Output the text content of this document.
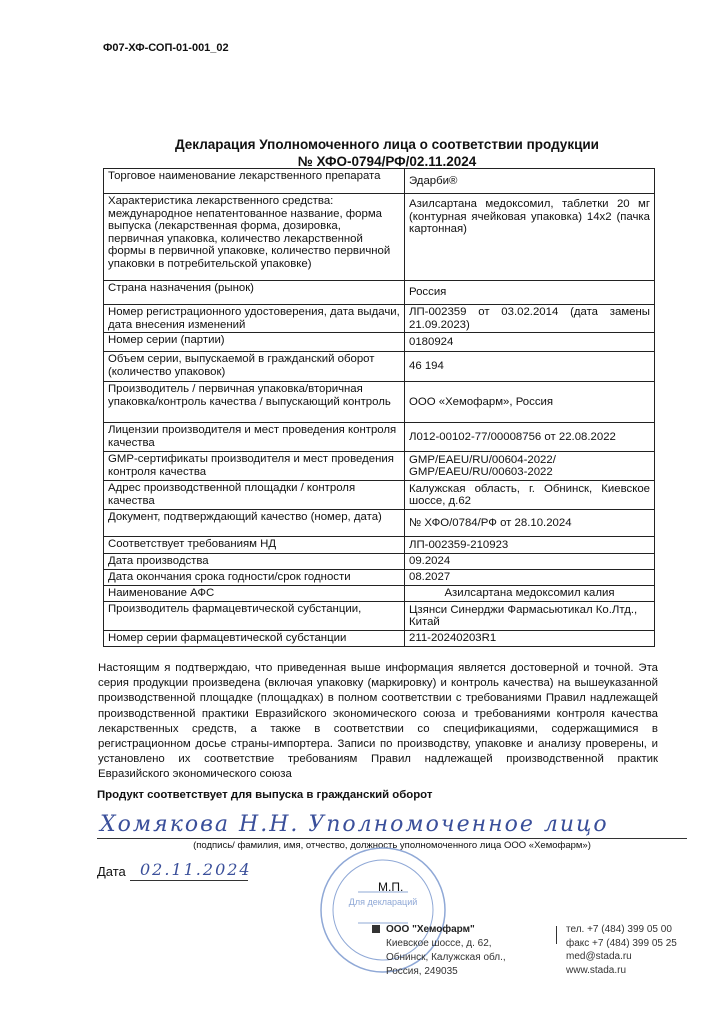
Ф07-ХФ-СОП-01-001_02
Декларация Уполномоченного лица о соответствии продукции
№ ХФО-0794/РФ/02.11.2024
Торговое наименование лекарственного препарата	Эдарби®
Характеристика лекарственного средства: международное непатентованное название, форма выпуска (лекарственная форма, дозировка, первичная упаковка, количество лекарственной формы в первичной упаковке, количество первичной упаковки в потребительской упаковке)	Азилсартана медоксомил, таблетки 20 мг (контурная ячейковая упаковка) 14х2 (пачка картонная)
Страна назначения (рынок)	Россия
Номер регистрационного удостоверения, дата выдачи, дата внесения изменений	ЛП-002359 от 03.02.2014 (дата замены 21.09.2023)
Номер серии (партии)	0180924
Объем серии, выпускаемой в гражданский оборот (количество упаковок)	46 194
Производитель / первичная упаковка/вторичная упаковка/контроль качества / выпускающий контроль	ООО «Хемофарм», Россия
Лицензии производителя и мест проведения контроля качества	Л012-00102-77/00008756 от 22.08.2022
GMP-сертификаты производителя и мест проведения контроля качества	GMP/EAEU/RU/00604-2022/ GMP/EAEU/RU/00603-2022
Адрес производственной площадки / контроля качества	Калужская область, г. Обнинск, Киевское шоссе, д.62
Документ, подтверждающий качество (номер, дата)	№ ХФО/0784/РФ от 28.10.2024
Соответствует требованиям НД	ЛП-002359-210923
Дата производства	09.2024
Дата окончания срока годности/срок годности	08.2027
Наименование АФС	Азилсартана медоксомил калия
Производитель фармацевтической субстанции,	Цзянси Синерджи Фармасьютикал Ко.Лтд., Китай
Номер серии фармацевтической субстанции	211-20240203R1
Настоящим я подтверждаю, что приведенная выше информация является достоверной и точной. Эта серия продукции произведена (включая упаковку (маркировку) и контроль качества) на вышеуказанной производственной площадке (площадках) в полном соответствии с требованиями Правил надлежащей производственной практики Евразийского экономического союза и требованиями контроля качества лекарственных средств, а также в соответствии со спецификациями, содержащимися в регистрационном досье страны-импортера. Записи по производству, упаковке и анализу проверены, и установлено их соответствие требованиям Правил надлежащей производственной практик Евразийского экономического союза
Продукт соответствует для выпуска в гражданский оборот
Хомякова Н.Н. Уполномоченное лицо
(подпись/ фамилия, имя, отчество, должность уполномоченного лица ООО «Хемофарм»)
Дата 02.11.2024
Для деклараций
М.П.
ООО "Хемофарм"
Киевское шоссе, д. 62,
Обнинск, Калужская обл.,
Россия, 249035
тел. +7 (484) 399 05 00
факс +7 (484) 399 05 25
med@stada.ru
www.stada.ru
